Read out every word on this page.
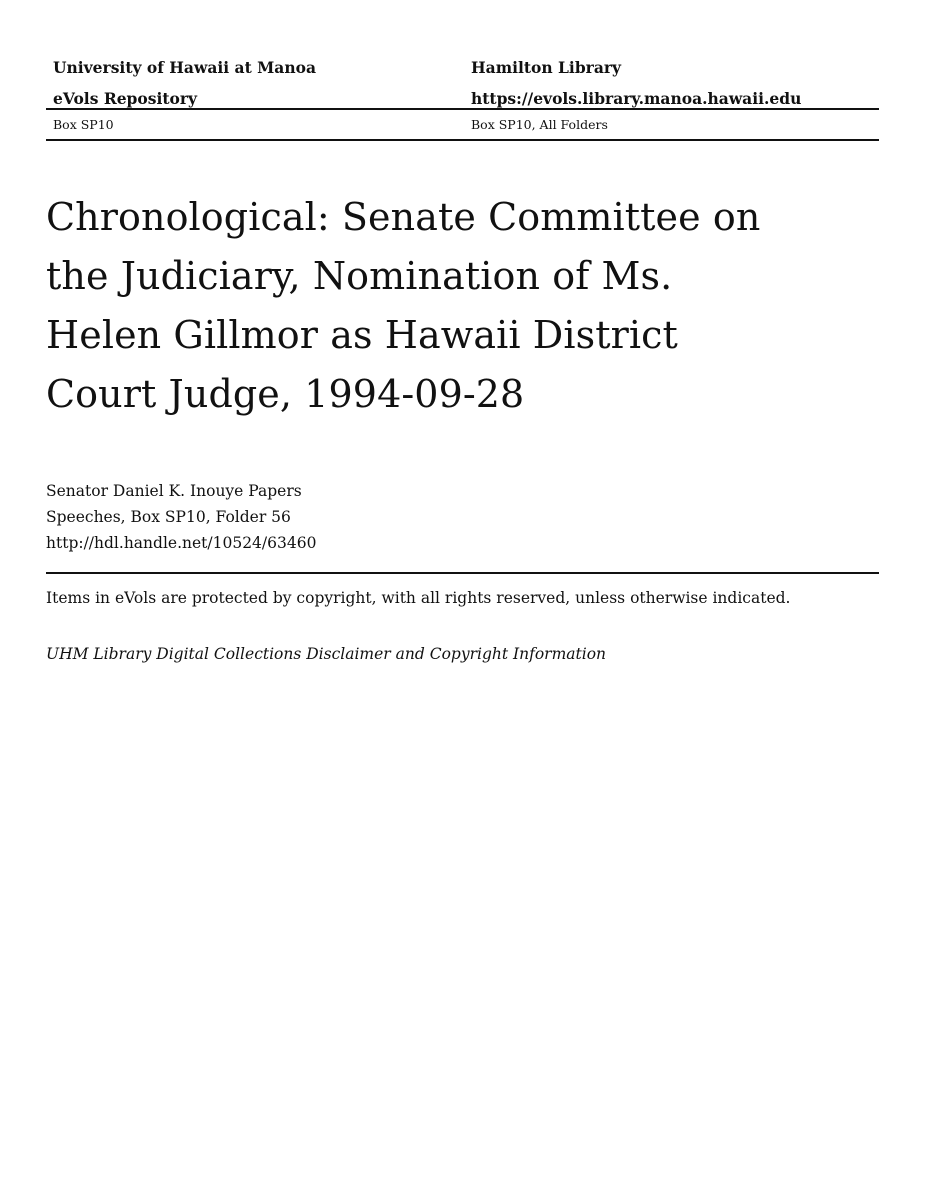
University of Hawaii at Manoa
eVols Repository
Hamilton Library
https://evols.library.manoa.hawaii.edu
Box SP10	Box SP10, All Folders
Chronological: Senate Committee on
the Judiciary, Nomination of Ms.
Helen Gillmor as Hawaii District
Court Judge, 1994-09-28
Senator Daniel K. Inouye Papers
Speeches, Box SP10, Folder 56
http://hdl.handle.net/10524/63460
Items in eVols are protected by copyright, with all rights reserved, unless otherwise indicated.
UHM Library Digital Collections Disclaimer and Copyright Information
